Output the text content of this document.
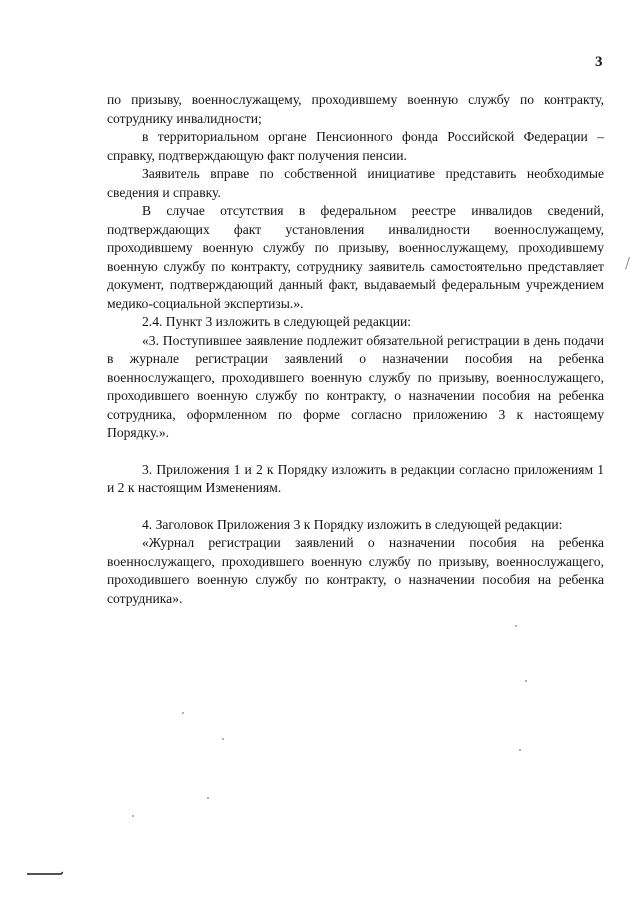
3

по призыву, военнослужащему, проходившему военную службу по контракту, сотруднику инвалидности;

в территориальном органе Пенсионного фонда Российской Федерации – справку, подтверждающую факт получения пенсии.

Заявитель вправе по собственной инициативе представить необходимые сведения и справку.

В случае отсутствия в федеральном реестре инвалидов сведений, подтверждающих факт установления инвалидности военнослужащему, проходившему военную службу по призыву, военнослужащему, проходившему военную службу по контракту, сотруднику заявитель самостоятельно представляет документ, подтверждающий данный факт, выдаваемый федеральным учреждением медико-социальной экспертизы.».

2.4. Пункт 3 изложить в следующей редакции:

«3. Поступившее заявление подлежит обязательной регистрации в день подачи в журнале регистрации заявлений о назначении пособия на ребенка военнослужащего, проходившего военную службу по призыву, военнослужащего, проходившего военную службу по контракту, о назначении пособия на ребенка сотрудника, оформленном по форме согласно приложению 3 к настоящему Порядку.».

3. Приложения 1 и 2 к Порядку изложить в редакции согласно приложениям 1 и 2 к настоящим Изменениям.

4. Заголовок Приложения 3 к Порядку изложить в следующей редакции:

«Журнал регистрации заявлений о назначении пособия на ребенка военнослужащего, проходившего военную службу по призыву, военнослужащего, проходившего военную службу по контракту, о назначении пособия на ребенка сотрудника».
